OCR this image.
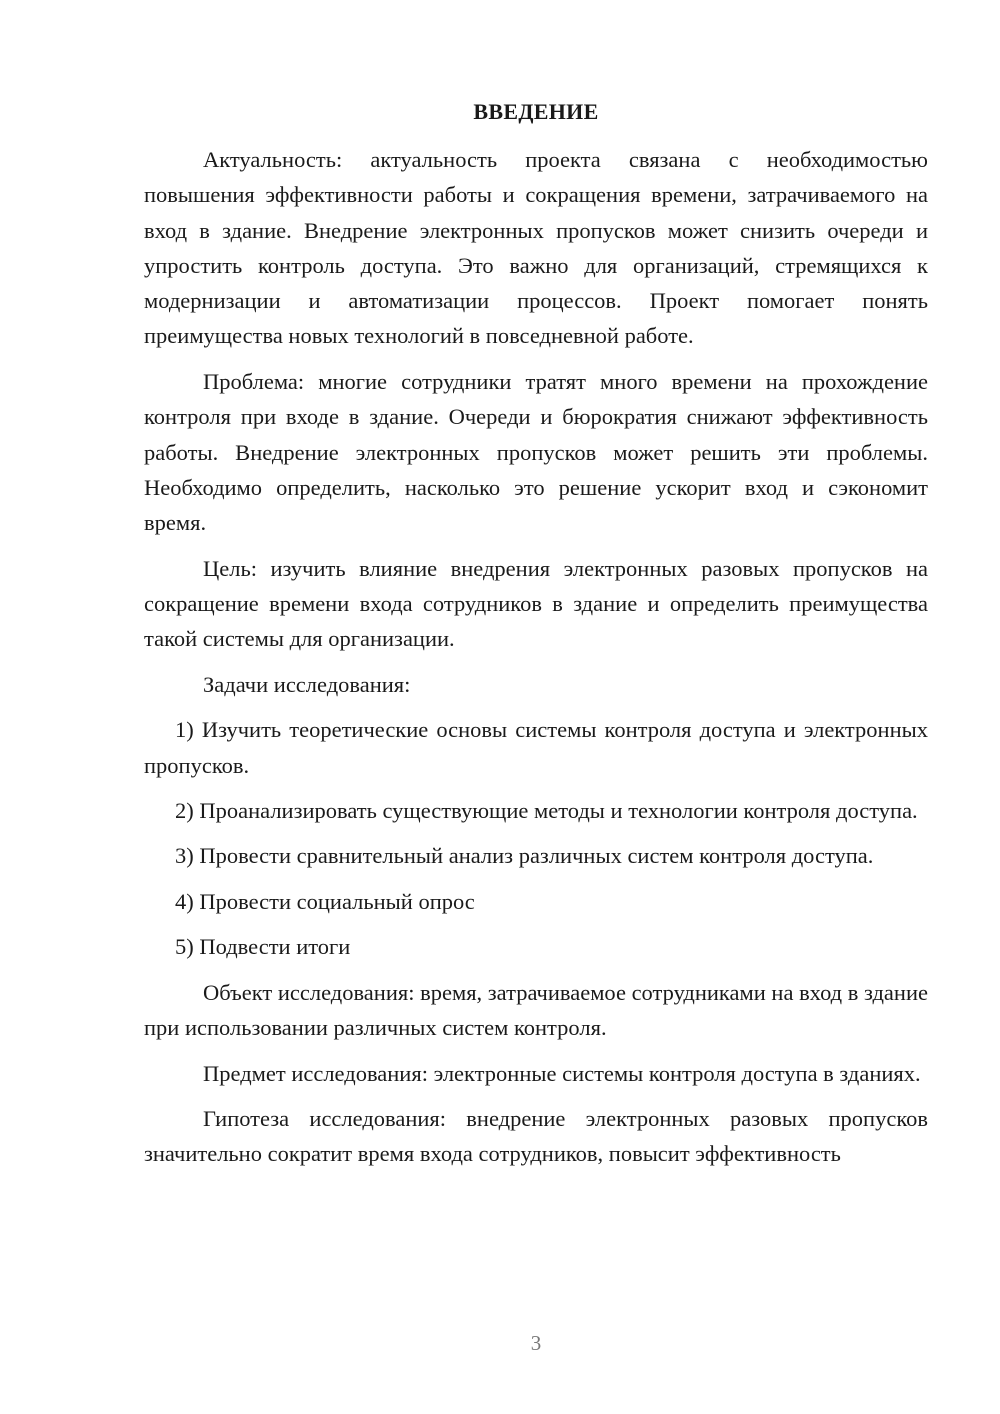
ВВЕДЕНИЕ

Актуальность: актуальность проекта связана с необходимостью повышения эффективности работы и сокращения времени, затрачиваемого на вход в здание. Внедрение электронных пропусков может снизить очереди и упростить контроль доступа. Это важно для организаций, стремящихся к модернизации и автоматизации процессов. Проект помогает понять преимущества новых технологий в повседневной работе.

Проблема: многие сотрудники тратят много времени на прохождение контроля при входе в здание. Очереди и бюрократия снижают эффективность работы. Внедрение электронных пропусков может решить эти проблемы. Необходимо определить, насколько это решение ускорит вход и сэкономит время.

Цель: изучить влияние внедрения электронных разовых пропусков на сокращение времени входа сотрудников в здание и определить преимущества такой системы для организации.

Задачи исследования:

1) Изучить теоретические основы системы контроля доступа и электронных пропусков.

2) Проанализировать существующие методы и технологии контроля доступа.

3) Провести сравнительный анализ различных систем контроля доступа.

4) Провести социальный опрос

5) Подвести итоги

Объект исследования: время, затрачиваемое сотрудниками на вход в здание при использовании различных систем контроля.

Предмет исследования: электронные системы контроля доступа в зданиях.

Гипотеза исследования: внедрение электронных разовых пропусков значительно сократит время входа сотрудников, повысит эффективность

3
